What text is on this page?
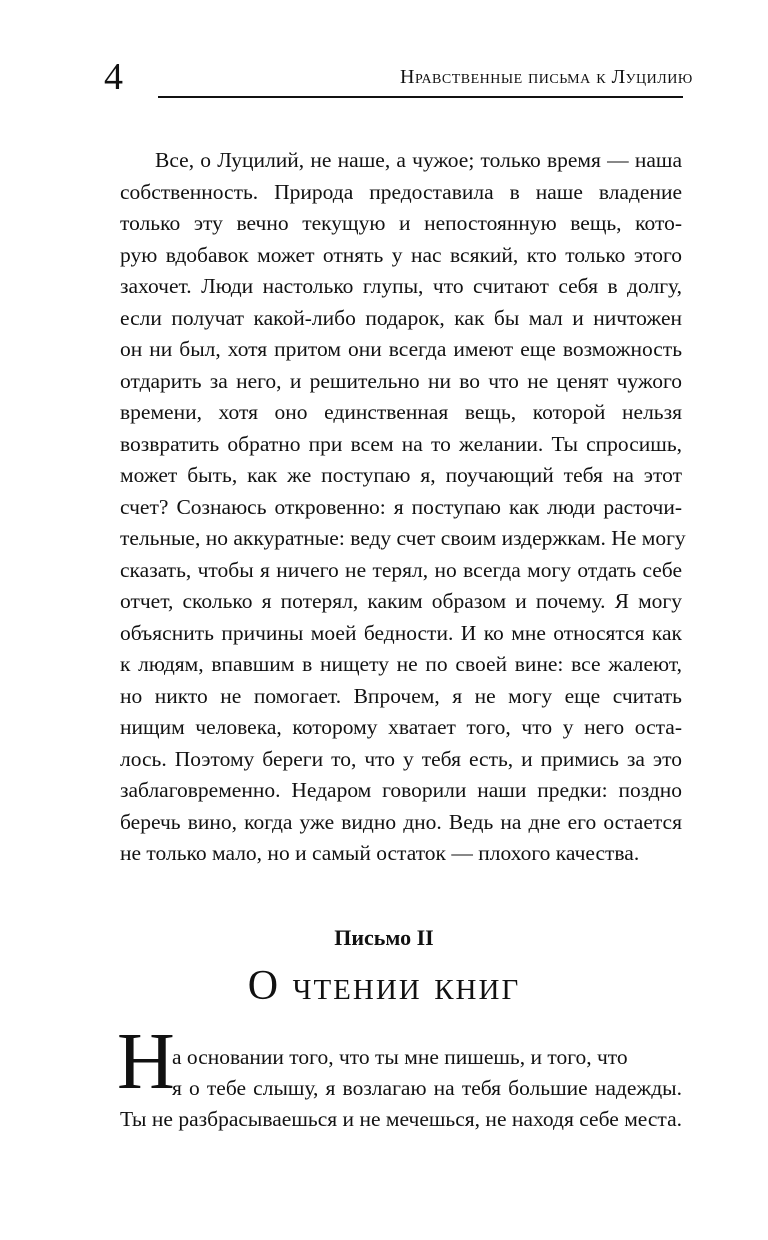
4	Нравственные письма к Луцилию
Все, о Луцилий, не наше, а чужое; только время — наша
собственность. Природа предоставила в наше владение
только эту вечно текущую и непостоянную вещь, кото-
рую вдобавок может отнять у нас всякий, кто только этого
захочет. Люди настолько глупы, что считают себя в долгу,
если получат какой-либо подарок, как бы мал и ничтожен
он ни был, хотя притом они всегда имеют еще возможность
отдарить за него, и решительно ни во что не ценят чужого
времени, хотя оно единственная вещь, которой нельзя
возвратить обратно при всем на то желании. Ты спросишь,
может быть, как же поступаю я, поучающий тебя на этот
счет? Сознаюсь откровенно: я поступаю как люди расточи-
тельные, но аккуратные: веду счет своим издержкам. Не могу
сказать, чтобы я ничего не терял, но всегда могу отдать себе
отчет, сколько я потерял, каким образом и почему. Я могу
объяснить причины моей бедности. И ко мне относятся как
к людям, впавшим в нищету не по своей вине: все жалеют,
но никто не помогает. Впрочем, я не могу еще считать
нищим человека, которому хватает того, что у него оста-
лось. Поэтому береги то, что у тебя есть, и примись за это
заблаговременно. Недаром говорили наши предки: поздно
беречь вино, когда уже видно дно. Ведь на дне его остается
не только мало, но и самый остаток — плохого качества.
Письмо II
О чтении книг
Н
а основании того, что ты мне пишешь, и того, что
я о тебе слышу, я возлагаю на тебя большие надежды.
Ты не разбрасываешься и не мечешься, не находя себе места.
